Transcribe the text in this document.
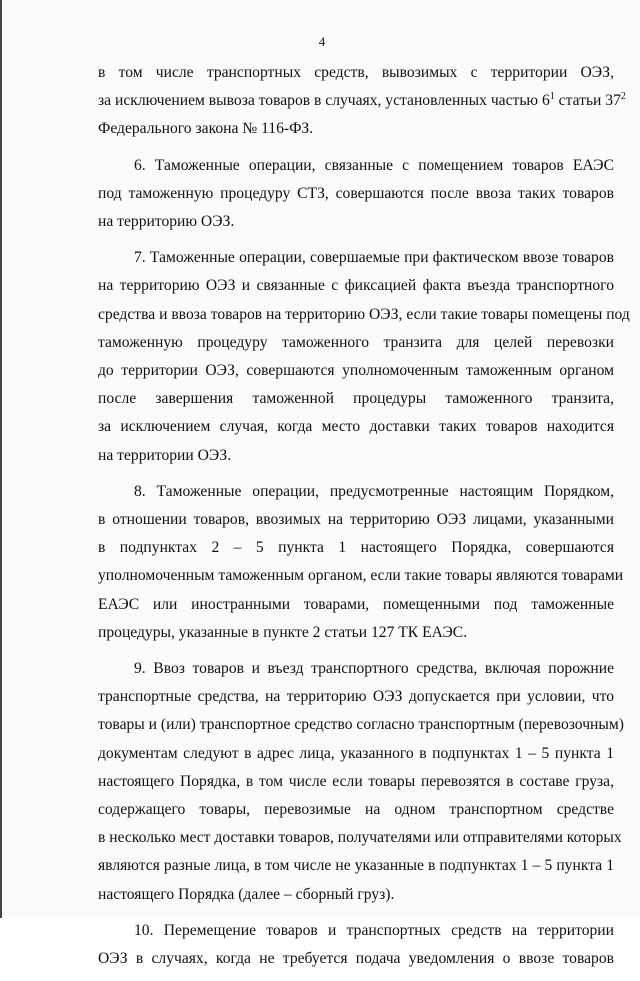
4

в том числе транспортных средств, вывозимых с территории ОЭЗ,
за исключением вывоза товаров в случаях, установленных частью $6^1$ статьи $37^2$
Федерального закона № 116-ФЗ.

6. Таможенные операции, связанные с помещением товаров ЕАЭС
под таможенную процедуру СТЗ, совершаются после ввоза таких товаров
на территорию ОЭЗ.

7. Таможенные операции, совершаемые при фактическом ввозе товаров
на территорию ОЭЗ и связанные с фиксацией факта въезда транспортного
средства и ввоза товаров на территорию ОЭЗ, если такие товары помещены под
таможенную процедуру таможенного транзита для целей перевозки
до территории ОЭЗ, совершаются уполномоченным таможенным органом
после завершения таможенной процедуры таможенного транзита,
за исключением случая, когда место доставки таких товаров находится
на территории ОЭЗ.

8. Таможенные операции, предусмотренные настоящим Порядком,
в отношении товаров, ввозимых на территорию ОЭЗ лицами, указанными
в подпунктах 2 – 5 пункта 1 настоящего Порядка, совершаются
уполномоченным таможенным органом, если такие товары являются товарами
ЕАЭС или иностранными товарами, помещенными под таможенные
процедуры, указанные в пункте 2 статьи 127 ТК ЕАЭС.

9. Ввоз товаров и въезд транспортного средства, включая порожние
транспортные средства, на территорию ОЭЗ допускается при условии, что
товары и (или) транспортное средство согласно транспортным (перевозочным)
документам следуют в адрес лица, указанного в подпунктах 1 – 5 пункта 1
настоящего Порядка, в том числе если товары перевозятся в составе груза,
содержащего товары, перевозимые на одном транспортном средстве
в несколько мест доставки товаров, получателями или отправителями которых
являются разные лица, в том числе не указанные в подпунктах 1 – 5 пункта 1
настоящего Порядка (далее – сборный груз).

10. Перемещение товаров и транспортных средств на территории
ОЭЗ в случаях, когда не требуется подача уведомления о ввозе товаров
